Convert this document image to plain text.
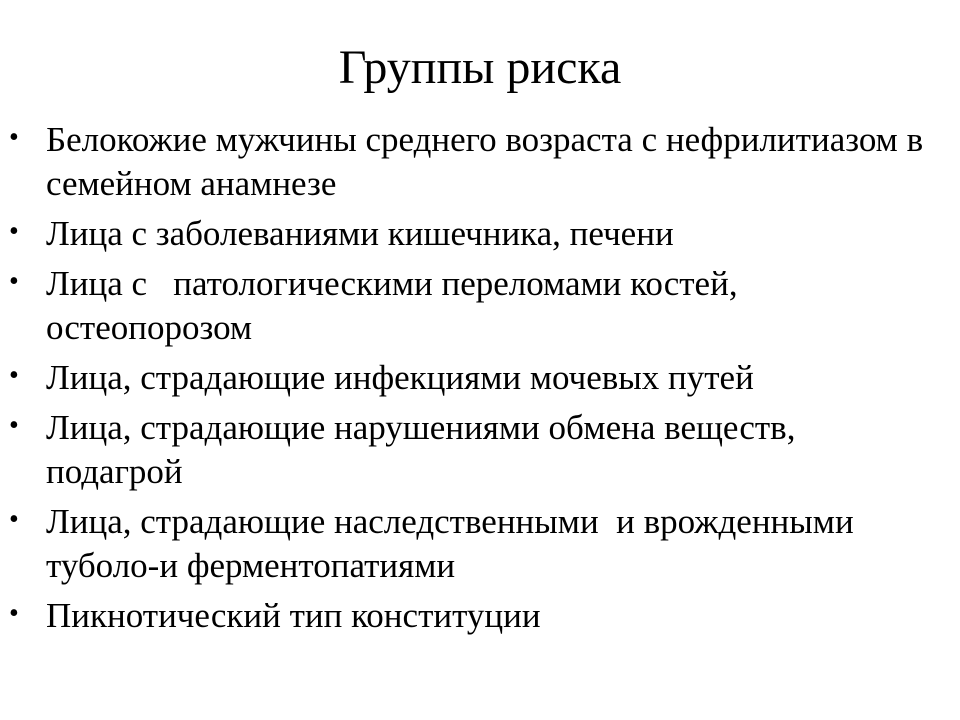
Группы риска
• Белокожие мужчины среднего возраста с нефрилитиазом в семейном анамнезе
• Лица с заболеваниями кишечника, печени
• Лица с   патологическими переломами костей, остеопорозом
• Лица, страдающие инфекциями мочевых путей
• Лица, страдающие нарушениями обмена веществ, подагрой
• Лица, страдающие наследственными  и врожденными туболо-и ферментопатиями
• Пикнотический тип конституции
